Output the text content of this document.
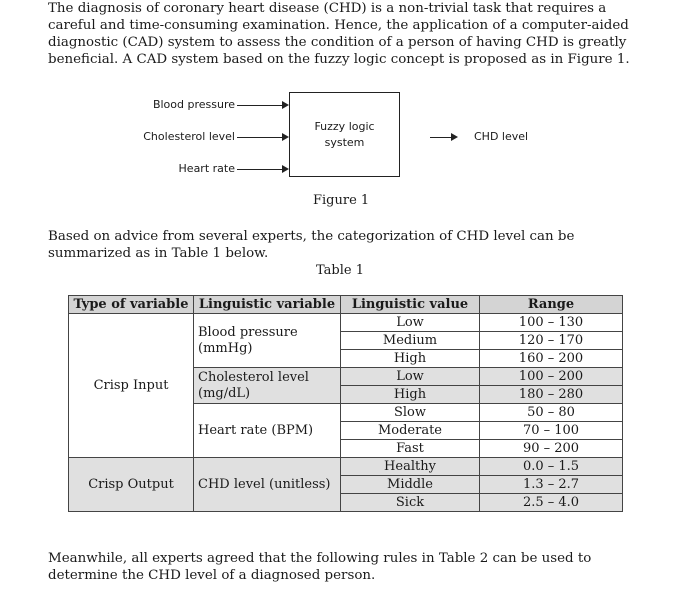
The diagnosis of coronary heart disease (CHD) is a non-trivial task that requires a careful and time-consuming examination. Hence, the application of a computer-aided diagnostic (CAD) system to assess the condition of a person of having CHD is greatly beneficial. A CAD system based on the fuzzy logic concept is proposed as in Figure 1.

Blood pressure
Cholesterol level
Heart rate
Fuzzy logic system	CHD level
Figure 1

Based on advice from several experts, the categorization of CHD level can be summarized as in Table 1 below.

Table 1
Type of variable	Linguistic variable	Linguistic value	Range
Crisp Input	Blood pressure (mmHg)	Low	100 – 130
		Medium	120 – 170
		High	160 – 200
	Cholesterol level (mg/dL)	Low	100 – 200
		High	180 – 280
	Heart rate (BPM)	Slow	50 – 80
		Moderate	70 – 100
		Fast	90 – 200
Crisp Output	CHD level (unitless)	Healthy	0.0 – 1.5
		Middle	1.3 – 2.7
		Sick	2.5 – 4.0

Meanwhile, all experts agreed that the following rules in Table 2 can be used to determine the CHD level of a diagnosed person.
